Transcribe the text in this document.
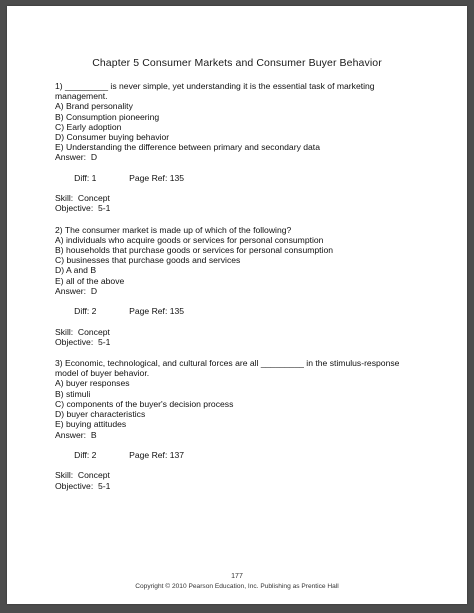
Chapter 5 Consumer Markets and Consumer Buyer Behavior
1) _________ is never simple, yet understanding it is the essential task of marketing management.
A) Brand personality
B) Consumption pioneering
C) Early adoption
D) Consumer buying behavior
E) Understanding the difference between primary and secondary data
Answer:  D

Diff: 1	Page Ref: 135

Skill:  Concept
Objective:  5-1
2) The consumer market is made up of which of the following?
A) individuals who acquire goods or services for personal consumption
B) households that purchase goods or services for personal consumption
C) businesses that purchase goods and services
D) A and B
E) all of the above
Answer:  D

Diff: 2	Page Ref: 135

Skill:  Concept
Objective:  5-1
3) Economic, technological, and cultural forces are all _________ in the stimulus-response model of buyer behavior.
A) buyer responses
B) stimuli
C) components of the buyer's decision process
D) buyer characteristics
E) buying attitudes
Answer:  B

Diff: 2	Page Ref: 137

Skill:  Concept
Objective:  5-1
177
Copyright © 2010 Pearson Education, Inc. Publishing as Prentice Hall
